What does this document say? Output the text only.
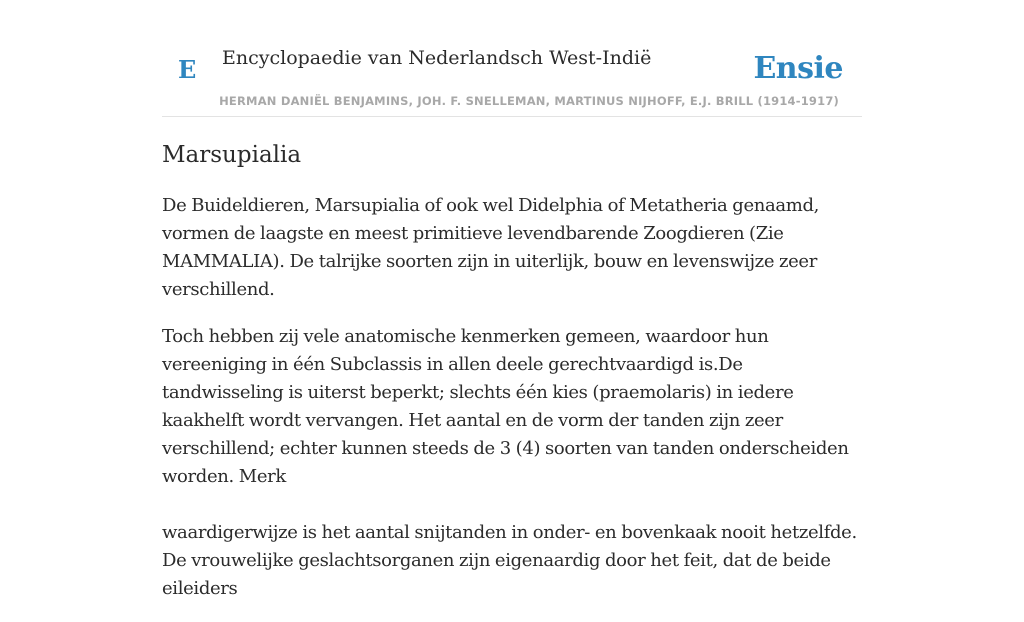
E Encyclopaedie van Nederlandsch West-Indië	Ensie
HERMAN DANIËL BENJAMINS, JOH. F. SNELLEMAN, MARTINUS NIJHOFF, E.J. BRILL (1914-1917)
Marsupialia

De Buideldieren, Marsupialia of ook wel Didelphia of Metatheria genaamd, vormen de laagste en meest primitieve levendbarende Zoogdieren (Zie MAMMALIA). De talrijke soorten zijn in uiterlijk, bouw en levenswijze zeer verschillend.

Toch hebben zij vele anatomische kenmerken gemeen, waardoor hun vereeniging in één Subclassis in allen deele gerechtvaardigd is.De tandwisseling is uiterst beperkt; slechts één kies (praemolaris) in iedere kaakhelft wordt vervangen. Het aantal en de vorm der tanden zijn zeer verschillend; echter kunnen steeds de 3 (4) soorten van tanden onderscheiden worden. Merk

waardigerwijze is het aantal snijtanden in onder- en bovenkaak nooit hetzelfde. De vrouwelijke geslachtsorganen zijn eigenaardig door het feit, dat de beide eileiders
